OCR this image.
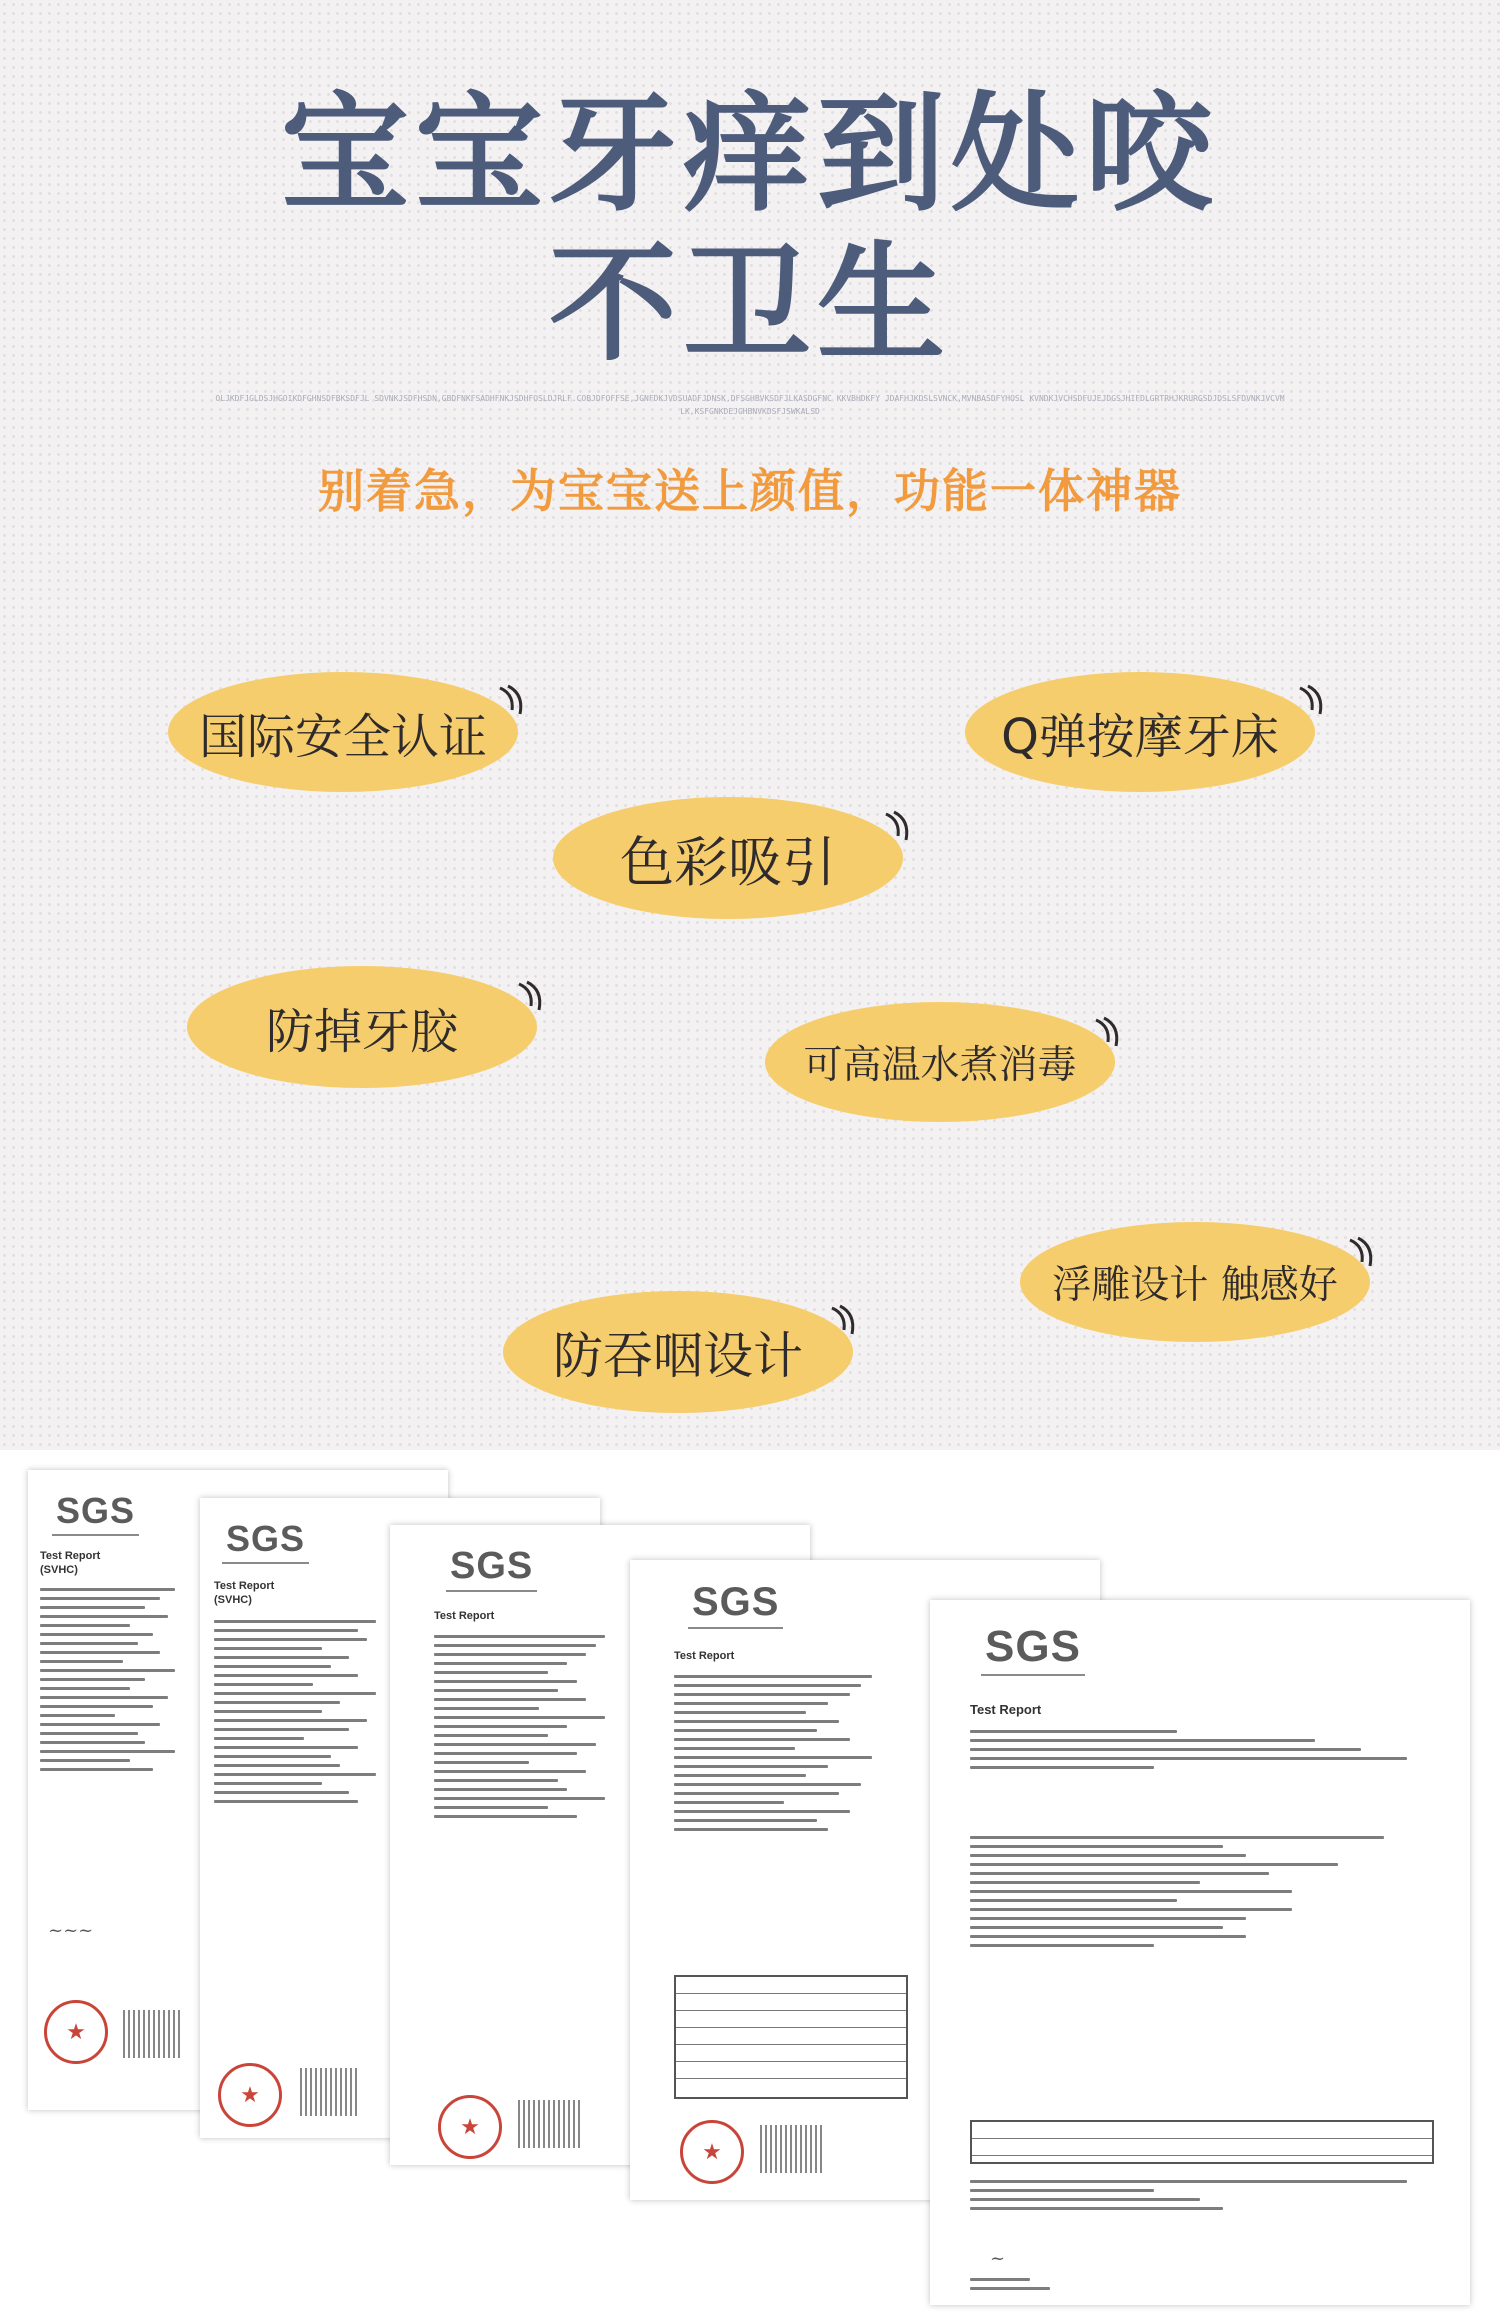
宝宝牙痒到处咬
不卫生

OLJKDFJGLDSJHGOIKDFGHNSDFBKSDFJL SDVNKJSDFHSDN,GBDFNKFSADHFNKJSDHFOSLDJRLF.COBJDFOFFSE,JGNFDKJVDSUADFJDNSK,DFSGHBVKSDFJLKASDGFNC KKVBHDKFY JDAFHJKDSLSVNCK,MVNBASDFYHOSL KVNDKJVCHSDFUJEJDGSJHIFDLGRTRHJKRURGSDJDSLSFDVNKJVCVMLK,KSFGNKDEJGHBNVKDSFJSWKALSD

别着急，为宝宝送上颜值，功能一体神器

国际安全认证	Q弹按摩牙床
色彩吸引
防掉牙胶
可高温水煮消毒
浮雕设计 触感好
防吞咽设计
SGS
Test Report
(SVHC)
~~~
★
SGS
Test Report
(SVHC)
★
SGS
Test Report
★
SGS
Test Report
★
SGS
Test Report
~
